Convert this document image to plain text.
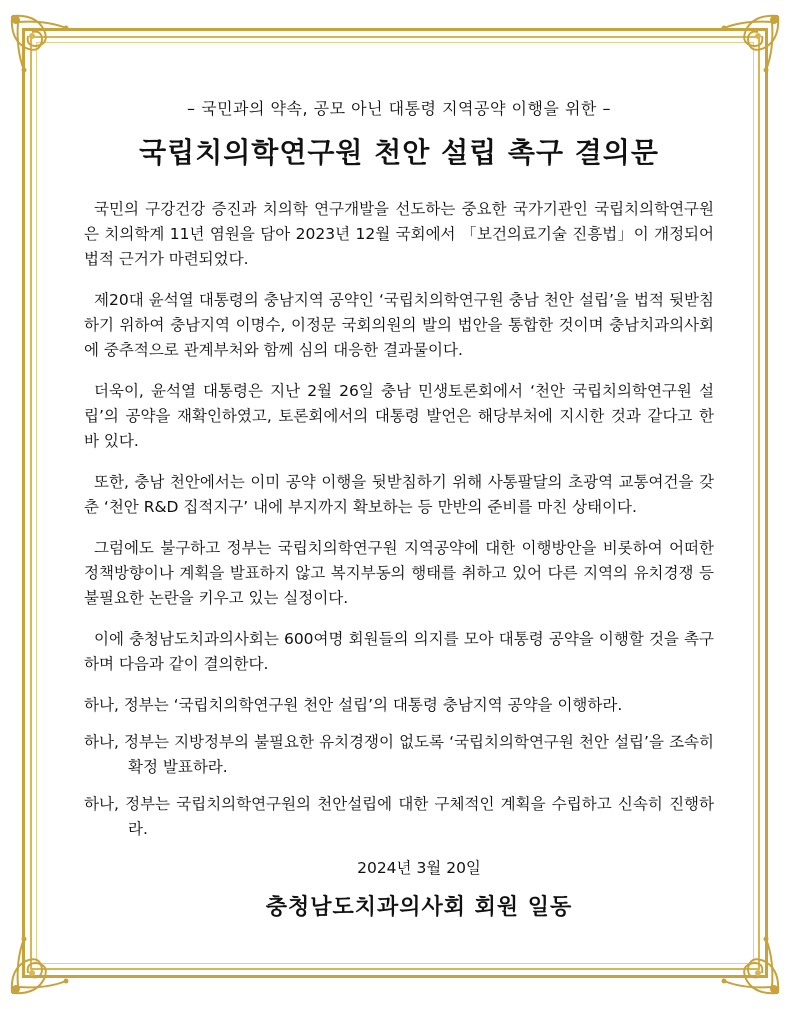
– 국민과의 약속, 공모 아닌 대통령 지역공약 이행을 위한 –
국립치의학연구원 천안 설립 촉구 결의문

국민의 구강건강 증진과 치의학 연구개발을 선도하는 중요한 국가기관인 국립치의학연구원은 치의학계 11년 염원을 담아 2023년 12월 국회에서 「보건의료기술 진흥법」이 개정되어 법적 근거가 마련되었다.

제20대 윤석열 대통령의 충남지역 공약인 ‘국립치의학연구원 충남 천안 설립’을 법적 뒷받침하기 위하여 충남지역 이명수, 이정문 국회의원의 발의 법안을 통합한 것이며 충남치과의사회에 중추적으로 관계부처와 함께 심의 대응한 결과물이다.

더욱이, 윤석열 대통령은 지난 2월 26일 충남 민생토론회에서 ‘천안 국립치의학연구원 설립’의 공약을 재확인하였고, 토론회에서의 대통령 발언은 해당부처에 지시한 것과 같다고 한 바 있다.

또한, 충남 천안에서는 이미 공약 이행을 뒷받침하기 위해 사통팔달의 초광역 교통여건을 갖춘 ‘천안 R&D 집적지구’ 내에 부지까지 확보하는 등 만반의 준비를 마친 상태이다.

그럼에도 불구하고 정부는 국립치의학연구원 지역공약에 대한 이행방안을 비롯하여 어떠한 정책방향이나 계획을 발표하지 않고 복지부동의 행태를 취하고 있어 다른 지역의 유치경쟁 등 불필요한 논란을 키우고 있는 실정이다.

이에 충청남도치과의사회는 600여명 회원들의 의지를 모아 대통령 공약을 이행할 것을 촉구하며 다음과 같이 결의한다.

하나, 정부는 ‘국립치의학연구원 천안 설립’의 대통령 충남지역 공약을 이행하라.

하나, 정부는 지방정부의 불필요한 유치경쟁이 없도록 ‘국립치의학연구원 천안 설립’을 조속히 확정 발표하라.

하나, 정부는 국립치의학연구원의 천안설립에 대한 구체적인 계획을 수립하고 신속히 진행하라.

2024년 3월 20일
충청남도치과의사회 회원 일동
